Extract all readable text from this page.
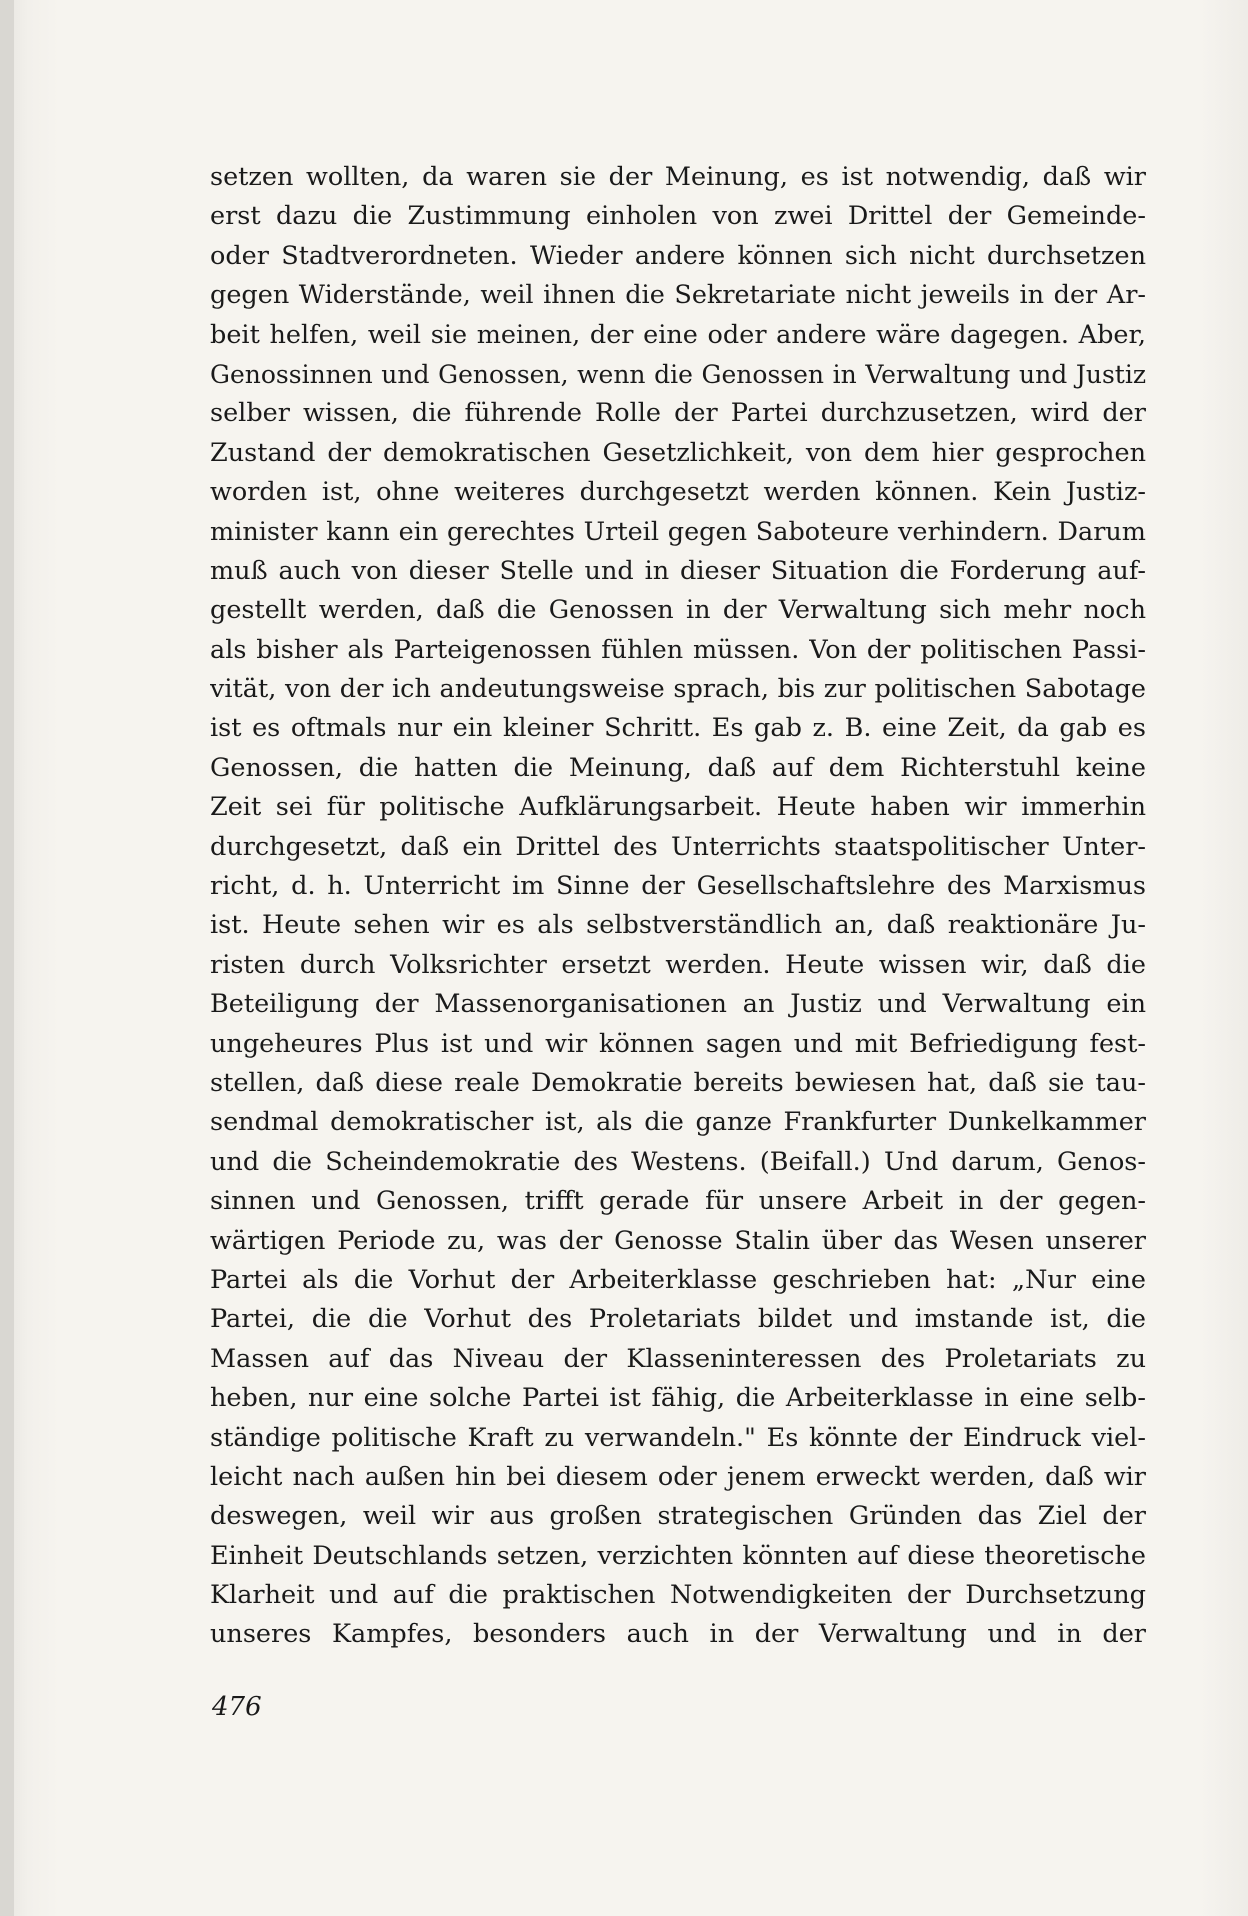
setzen wollten, da waren sie der Meinung, es ist notwendig, daß wir
erst dazu die Zustimmung einholen von zwei Drittel der Gemeinde-
oder Stadtverordneten. Wieder andere können sich nicht durchsetzen
gegen Widerstände, weil ihnen die Sekretariate nicht jeweils in der Ar-
beit helfen, weil sie meinen, der eine oder andere wäre dagegen. Aber,
Genossinnen und Genossen, wenn die Genossen in Verwaltung und Justiz
selber wissen, die führende Rolle der Partei durchzusetzen, wird der
Zustand der demokratischen Gesetzlichkeit, von dem hier gesprochen
worden ist, ohne weiteres durchgesetzt werden können. Kein Justiz-
minister kann ein gerechtes Urteil gegen Saboteure verhindern. Darum
muß auch von dieser Stelle und in dieser Situation die Forderung auf-
gestellt werden, daß die Genossen in der Verwaltung sich mehr noch
als bisher als Parteigenossen fühlen müssen. Von der politischen Passi-
vität, von der ich andeutungsweise sprach, bis zur politischen Sabotage
ist es oftmals nur ein kleiner Schritt. Es gab z. B. eine Zeit, da gab es
Genossen, die hatten die Meinung, daß auf dem Richterstuhl keine
Zeit sei für politische Aufklärungsarbeit. Heute haben wir immerhin
durchgesetzt, daß ein Drittel des Unterrichts staatspolitischer Unter-
richt, d. h. Unterricht im Sinne der Gesellschaftslehre des Marxismus
ist. Heute sehen wir es als selbstverständlich an, daß reaktionäre Ju-
risten durch Volksrichter ersetzt werden. Heute wissen wir, daß die
Beteiligung der Massenorganisationen an Justiz und Verwaltung ein
ungeheures Plus ist und wir können sagen und mit Befriedigung fest-
stellen, daß diese reale Demokratie bereits bewiesen hat, daß sie tau-
sendmal demokratischer ist, als die ganze Frankfurter Dunkelkammer
und die Scheindemokratie des Westens. (Beifall.) Und darum, Genos-
sinnen und Genossen, trifft gerade für unsere Arbeit in der gegen-
wärtigen Periode zu, was der Genosse Stalin über das Wesen unserer
Partei als die Vorhut der Arbeiterklasse geschrieben hat: „Nur eine
Partei, die die Vorhut des Proletariats bildet und imstande ist, die
Massen auf das Niveau der Klasseninteressen des Proletariats zu
heben, nur eine solche Partei ist fähig, die Arbeiterklasse in eine selb-
ständige politische Kraft zu verwandeln." Es könnte der Eindruck viel-
leicht nach außen hin bei diesem oder jenem erweckt werden, daß wir
deswegen, weil wir aus großen strategischen Gründen das Ziel der
Einheit Deutschlands setzen, verzichten könnten auf diese theoretische
Klarheit und auf die praktischen Notwendigkeiten der Durchsetzung
unseres Kampfes, besonders auch in der Verwaltung und in der
476
